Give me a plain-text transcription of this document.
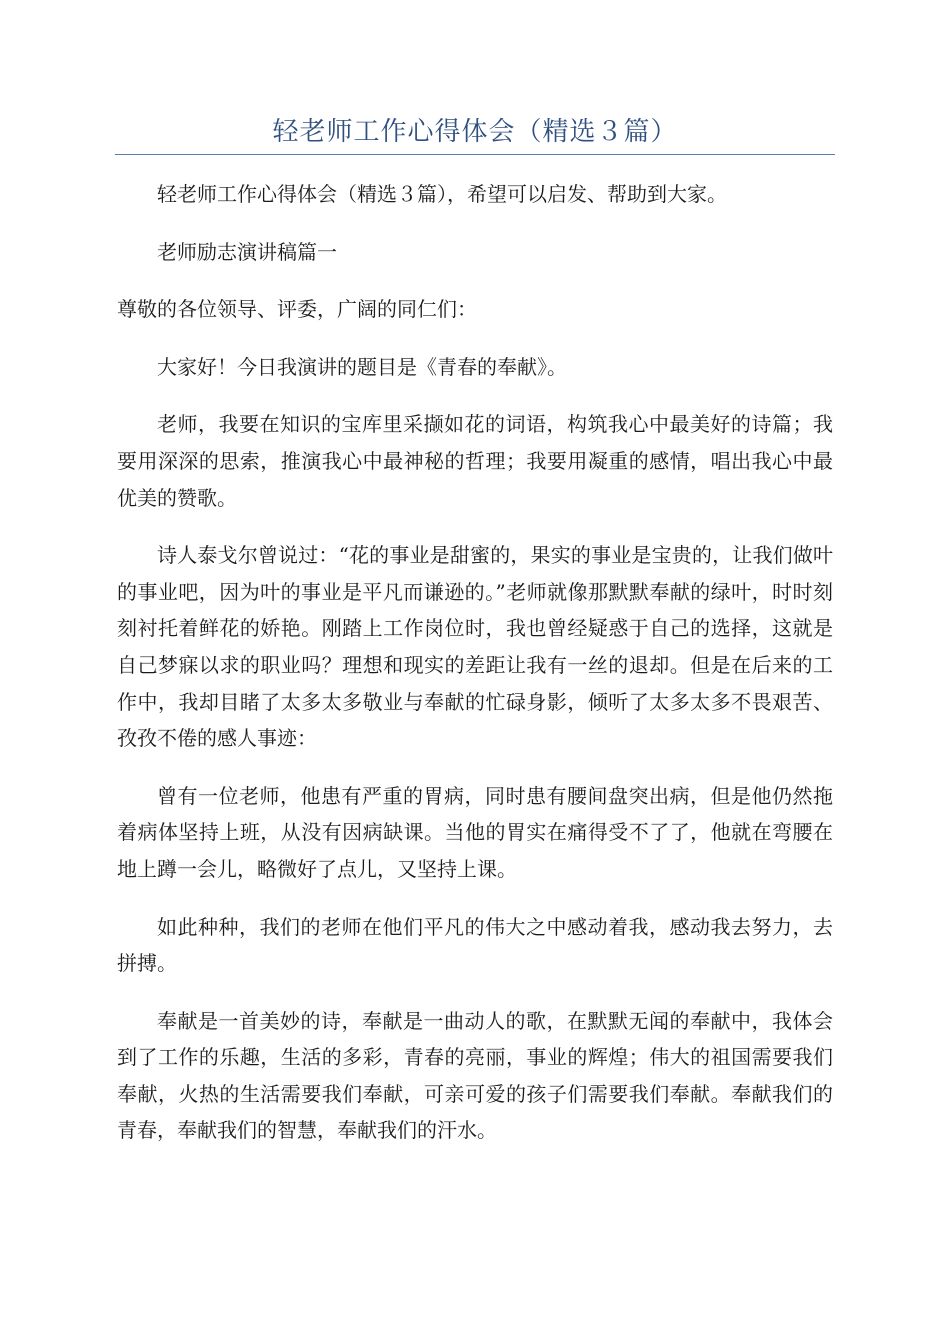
轻老师工作心得体会（精选３篇）

轻老师工作心得体会（精选３篇），希望可以启发、帮助到大家。

老师励志演讲稿篇一

尊敬的各位领导、评委，广阔的同仁们：

大家好！今日我演讲的题目是《青春的奉献》。

老师，我要在知识的宝库里采撷如花的词语，构筑我心中最美好的诗篇；我要用深深的思索，推演我心中最神秘的哲理；我要用凝重的感情，唱出我心中最优美的赞歌。

诗人泰戈尔曾说过：“花的事业是甜蜜的，果实的事业是宝贵的，让我们做叶的事业吧，因为叶的事业是平凡而谦逊的。”老师就像那默默奉献的绿叶，时时刻刻衬托着鲜花的娇艳。刚踏上工作岗位时，我也曾经疑惑于自己的选择，这就是自己梦寐以求的职业吗？理想和现实的差距让我有一丝的退却。但是在后来的工作中，我却目睹了太多太多敬业与奉献的忙碌身影，倾听了太多太多不畏艰苦、孜孜不倦的感人事迹：

曾有一位老师，他患有严重的胃病，同时患有腰间盘突出病，但是他仍然拖着病体坚持上班，从没有因病缺课。当他的胃实在痛得受不了了，他就在弯腰在地上蹲一会儿，略微好了点儿，又坚持上课。

如此种种，我们的老师在他们平凡的伟大之中感动着我，感动我去努力，去拼搏。

奉献是一首美妙的诗，奉献是一曲动人的歌，在默默无闻的奉献中，我体会到了工作的乐趣，生活的多彩，青春的亮丽，事业的辉煌；伟大的祖国需要我们奉献，火热的生活需要我们奉献，可亲可爱的孩子们需要我们奉献。奉献我们的青春，奉献我们的智慧，奉献我们的汗水。
